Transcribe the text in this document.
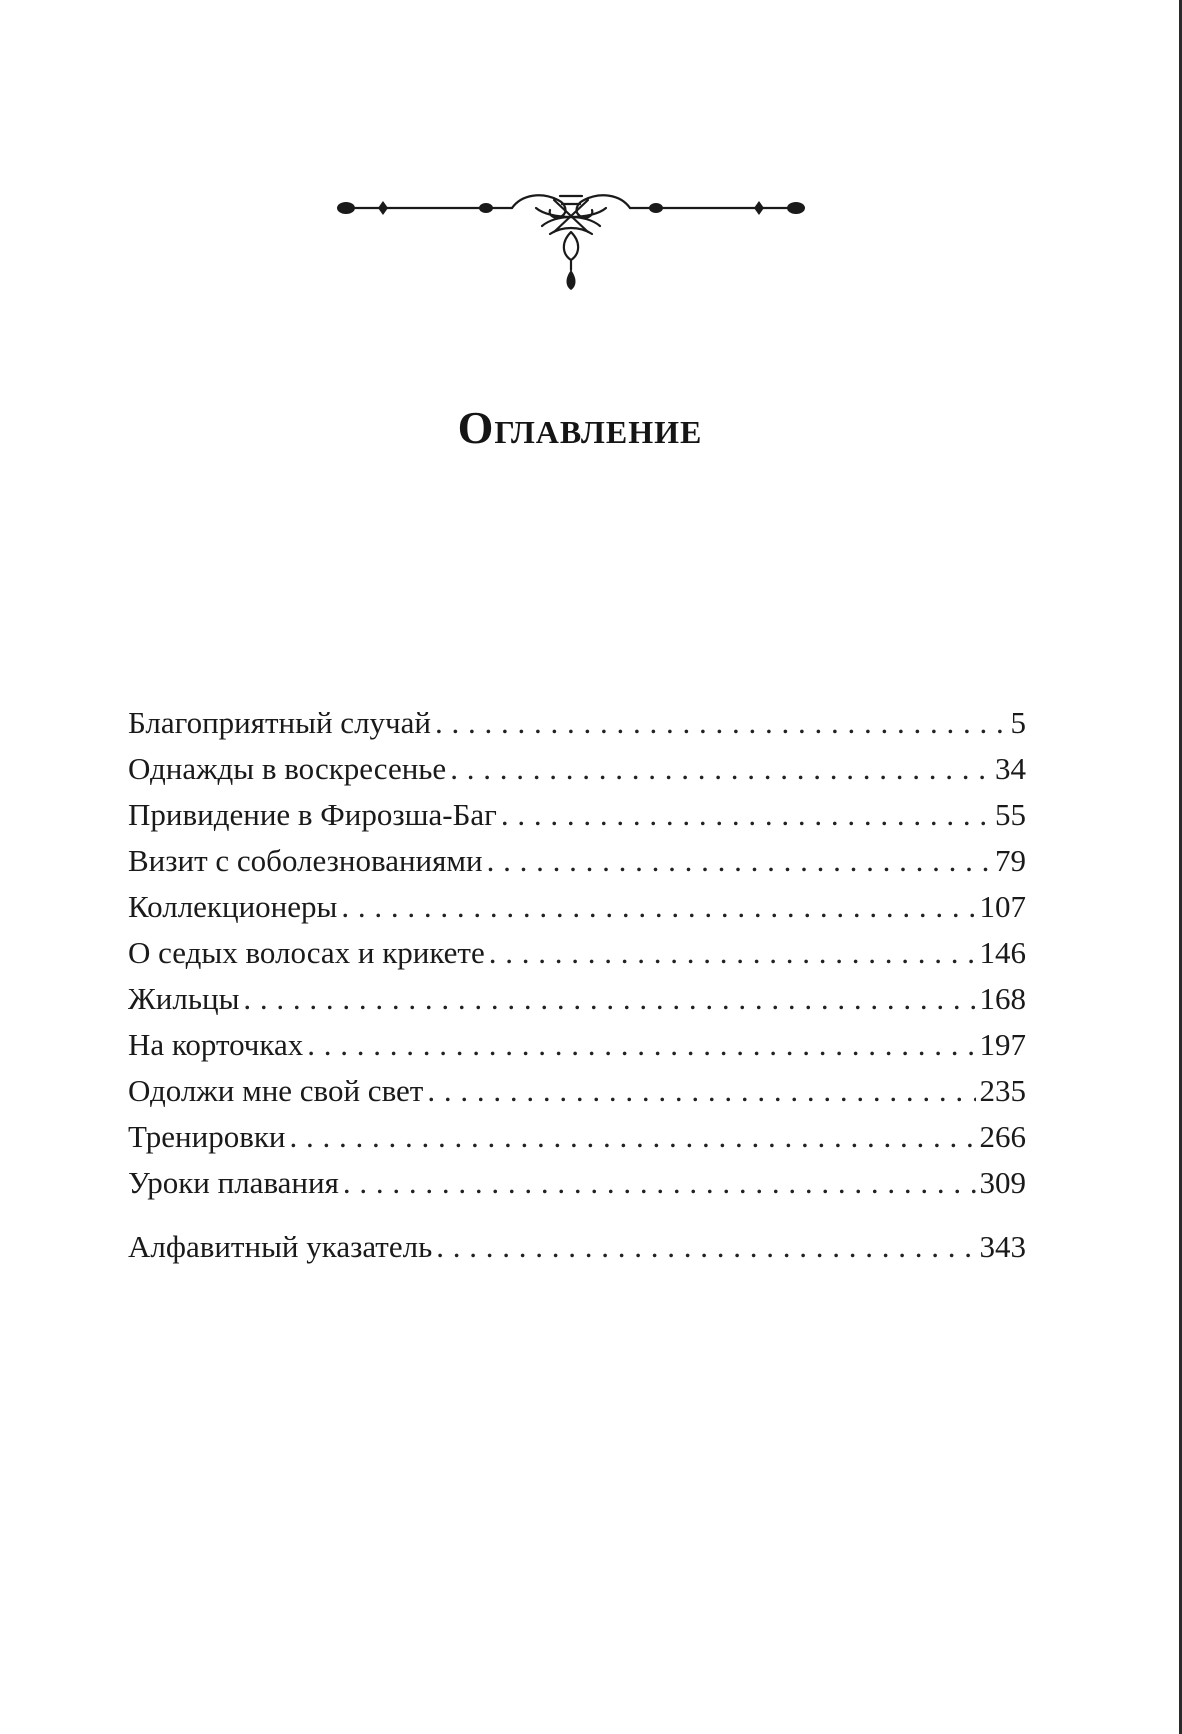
Оглавление
Благоприятный случай . . .	5
Однажды в воскресенье . . .	34
Привидение в Фирозша-Баг . . .	55
Визит с соболезнованиями . . .	79
Коллекционеры . . .	107
О седых волосах и крикете . . .	146
Жильцы . . .	168
На корточках . . .	197
Одолжи мне свой свет . . .	235
Тренировки . . .	266
Уроки плавания . . .	309
Алфавитный указатель . . .	343
